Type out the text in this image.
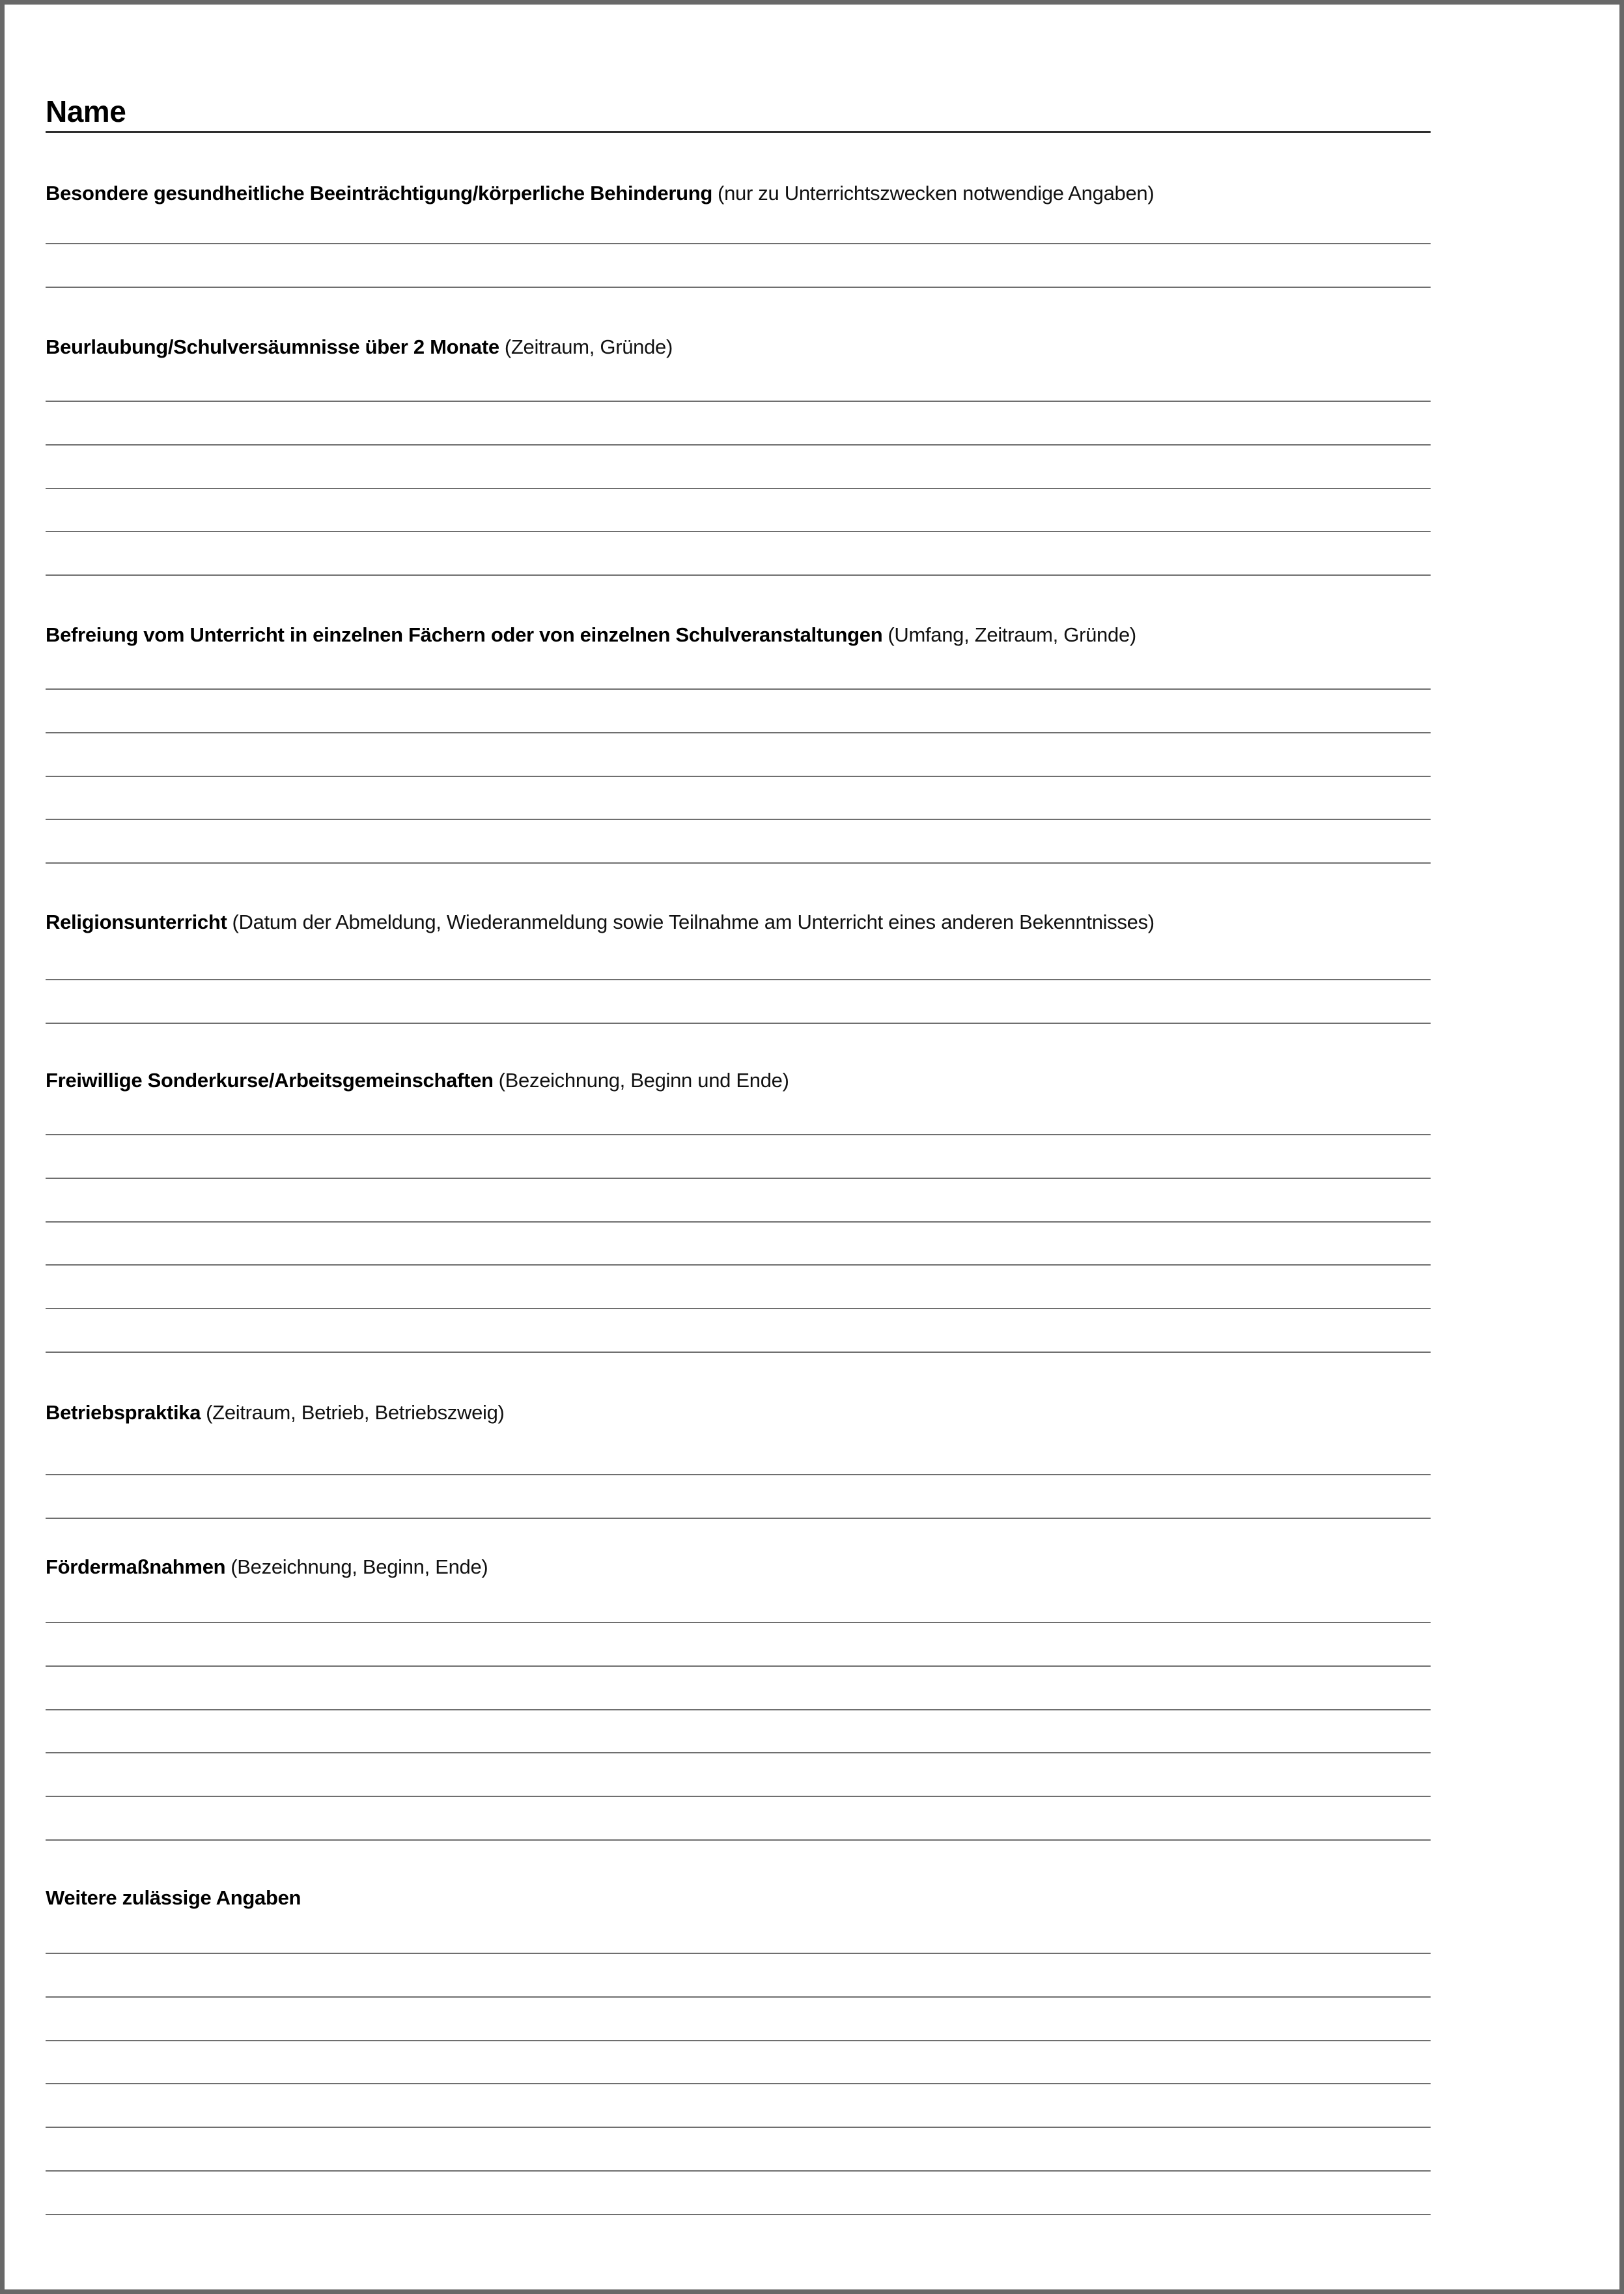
Name
Besondere gesundheitliche Beeinträchtigung/körperliche Behinderung (nur zu Unterrichtszwecken notwendige Angaben)
Beurlaubung/Schulversäumnisse über 2 Monate (Zeitraum, Gründe)
Befreiung vom Unterricht in einzelnen Fächern oder von einzelnen Schulveranstaltungen (Umfang, Zeitraum, Gründe)
Religionsunterricht (Datum der Abmeldung, Wiederanmeldung sowie Teilnahme am Unterricht eines anderen Bekenntnisses)
Freiwillige Sonderkurse/Arbeitsgemeinschaften (Bezeichnung, Beginn und Ende)
Betriebspraktika (Zeitraum, Betrieb, Betriebszweig)
Fördermaßnahmen (Bezeichnung, Beginn, Ende)
Weitere zulässige Angaben
